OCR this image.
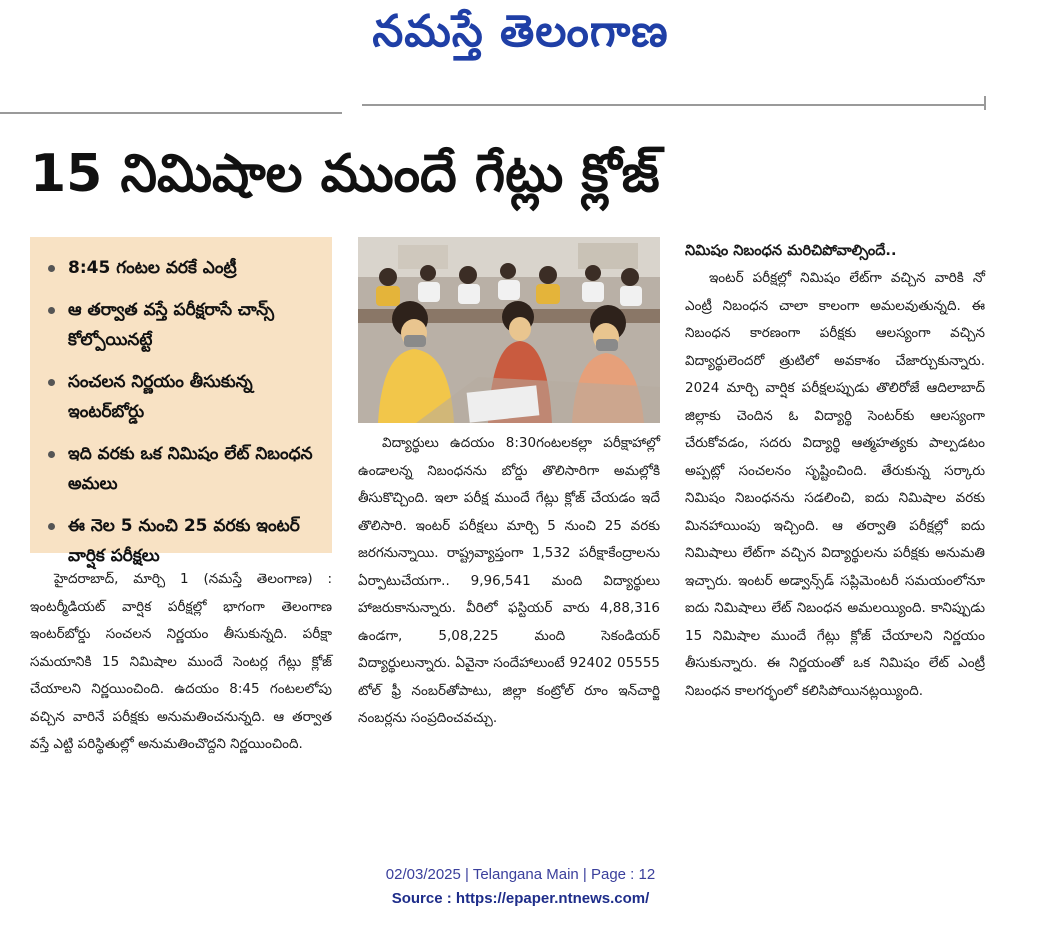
నమస్తే తెలంగాణ
15 నిమిషాల ముందే గేట్లు క్లోజ్
8:45 గంటల వరకే ఎంట్రీ
ఆ తర్వాత వస్తే పరీక్షరాసే చాన్స్ కోల్పోయినట్టే
సంచలన నిర్ణయం తీసుకున్న ఇంటర్‌బోర్డు
ఇది వరకు ఒక నిమిషం లేట్ నిబంధన అమలు
ఈ నెల 5 నుంచి 25 వరకు ఇంటర్ వార్షిక పరీక్షలు

హైదరాబాద్, మార్చి 1 (నమస్తే తెలంగాణ) : ఇంటర్మీడియట్ వార్షిక పరీక్షల్లో భాగంగా తెలంగాణ ఇంటర్‌బోర్డు సంచలన నిర్ణయం తీసుకున్నది. పరీక్షా సమయానికి 15 నిమిషాల ముందే సెంటర్ల గేట్లు క్లోజ్ చేయాలని నిర్ణయించింది. ఉదయం 8:45 గంటలలోపు వచ్చిన వారినే పరీక్షకు అనుమతించనున్నది. ఆ తర్వాత వస్తే ఎట్టి పరిస్థితుల్లో అనుమతించొద్దని నిర్ణయించింది.

విద్యార్థులు ఉదయం 8:30గంటలకల్లా పరీక్షాహాల్లో ఉండాలన్న నిబంధనను బోర్డు తొలిసారిగా అమల్లోకి తీసుకొచ్చింది. ఇలా పరీక్ష ముందే గేట్లు క్లోజ్ చేయడం ఇదే తొలిసారి. ఇంటర్ పరీక్షలు మార్చి 5 నుంచి 25 వరకు జరగనున్నాయి. రాష్ట్రవ్యాప్తంగా 1,532 పరీక్షాకేంద్రాలను ఏర్పాటుచేయగా.. 9,96,541 మంది విద్యార్థులు హాజరుకానున్నారు. వీరిలో ఫస్టియర్ వారు 4,88,316 ఉండగా, 5,08,225 మంది సెకండియర్ విద్యార్థులున్నారు. ఏవైనా సందేహాలుంటే 92402 05555 టోల్ ఫ్రీ నంబర్‌తోపాటు, జిల్లా కంట్రోల్ రూం ఇన్‌చార్జి నంబర్లను సంప్రదించవచ్చు.

నిమిషం నిబంధన మరిచిపోవాల్సిందే..

ఇంటర్ పరీక్షల్లో నిమిషం లేట్‌గా వచ్చిన వారికి నో ఎంట్రీ నిబంధన చాలా కాలంగా అమలవుతున్నది. ఈ నిబంధన కారణంగా పరీక్షకు ఆలస్యంగా వచ్చిన విద్యార్థులెందరో త్రుటిలో అవకాశం చేజార్చుకున్నారు. 2024 మార్చి వార్షిక పరీక్షలప్పుడు తొలిరోజే ఆదిలాబాద్ జిల్లాకు చెందిన ఓ విద్యార్థి సెంటర్‌కు ఆలస్యంగా చేరుకోవడం, సదరు విద్యార్థి ఆత్మహత్యకు పాల్పడటం అప్పట్లో సంచలనం సృష్టించింది. తేరుకున్న సర్కారు నిమిషం నిబంధనను సడలించి, ఐదు నిమిషాల వరకు మినహాయింపు ఇచ్చింది. ఆ తర్వాతి పరీక్షల్లో ఐదు నిమిషాలు లేట్‌గా వచ్చిన విద్యార్థులను పరీక్షకు అనుమతి ఇచ్చారు. ఇంటర్ అడ్వాన్స్‌డ్ సప్లిమెంటరీ సమయంలోనూ ఐదు నిమిషాలు లేట్ నిబంధన అమలయ్యింది. కానిప్పుడు 15 నిమిషాల ముందే గేట్లు క్లోజ్ చేయాలని నిర్ణయం తీసుకున్నారు. ఈ నిర్ణయంతో ఒక నిమిషం లేట్ ఎంట్రీ నిబంధన కాలగర్భంలో కలిసిపోయినట్లయ్యింది.

02/03/2025 | Telangana Main | Page : 12
Source : https://epaper.ntnews.com/
